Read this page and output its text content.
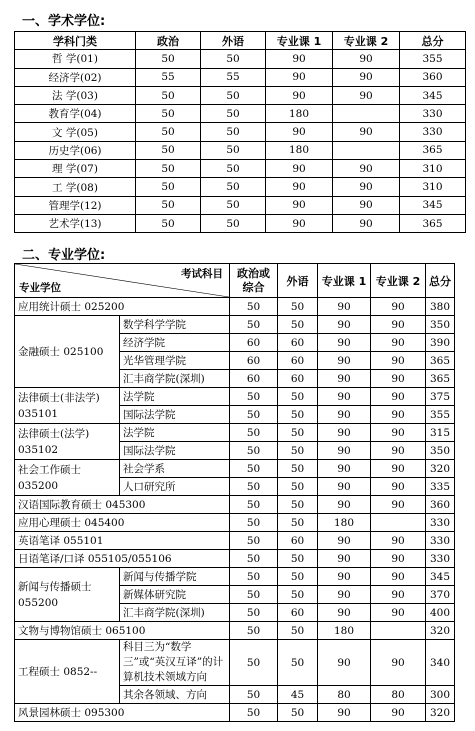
一、学术学位:
学科门类	政治	外语	专业课 1	专业课 2	总分
哲 学(01)	50	50	90	90	355
经济学(02)	55	55	90	90	360
法 学(03)	50	50	90	90	345
教育学(04)	50	50	180		330
文 学(05)	50	50	90	90	330
历史学(06)	50	50	180		365
理 学(07)	50	50	90	90	310
工 学(08)	50	50	90	90	310
管理学(12)	50	50	90	90	345
艺术学(13)	50	50	90	90	365
二、专业学位:
考试科目
专业学位		政治或综合	外语	专业课 1	专业课 2	总分
应用统计硕士 025200		50	50	90	90	380
金融硕士 025100	数学科学学院	50	50	90	90	350
	经济学院	60	60	90	90	390
	光华管理学院	60	60	90	90	365
	汇丰商学院(深圳)	60	60	90	90	365
法律硕士(非法学) 035101	法学院	50	50	90	90	375
	国际法学院	50	50	90	90	355
法律硕士(法学) 035102	法学院	50	50	90	90	315
	国际法学院	50	50	90	90	350
社会工作硕士 035200	社会学系	50	50	90	90	320
	人口研究所	50	50	90	90	335
汉语国际教育硕士 045300		50	50	90	90	360
应用心理硕士 045400		50	50	180		330
英语笔译 055101		50	60	90	90	330
日语笔译/口译 055105/055106		50	50	90	90	330
新闻与传播硕士 055200	新闻与传播学院	50	50	90	90	345
	新媒体研究院	50	50	90	90	370
	汇丰商学院(深圳)	50	60	90	90	400
文物与博物馆硕士 065100		50	50	180		320
工程硕士 0852--	科目三为“数学三”或“英汉互译”的计算机技术领域方向	50	50	90	90	340
	其余各领域、方向	50	45	80	80	300
风景园林硕士 095300		50	50	90	90	320
